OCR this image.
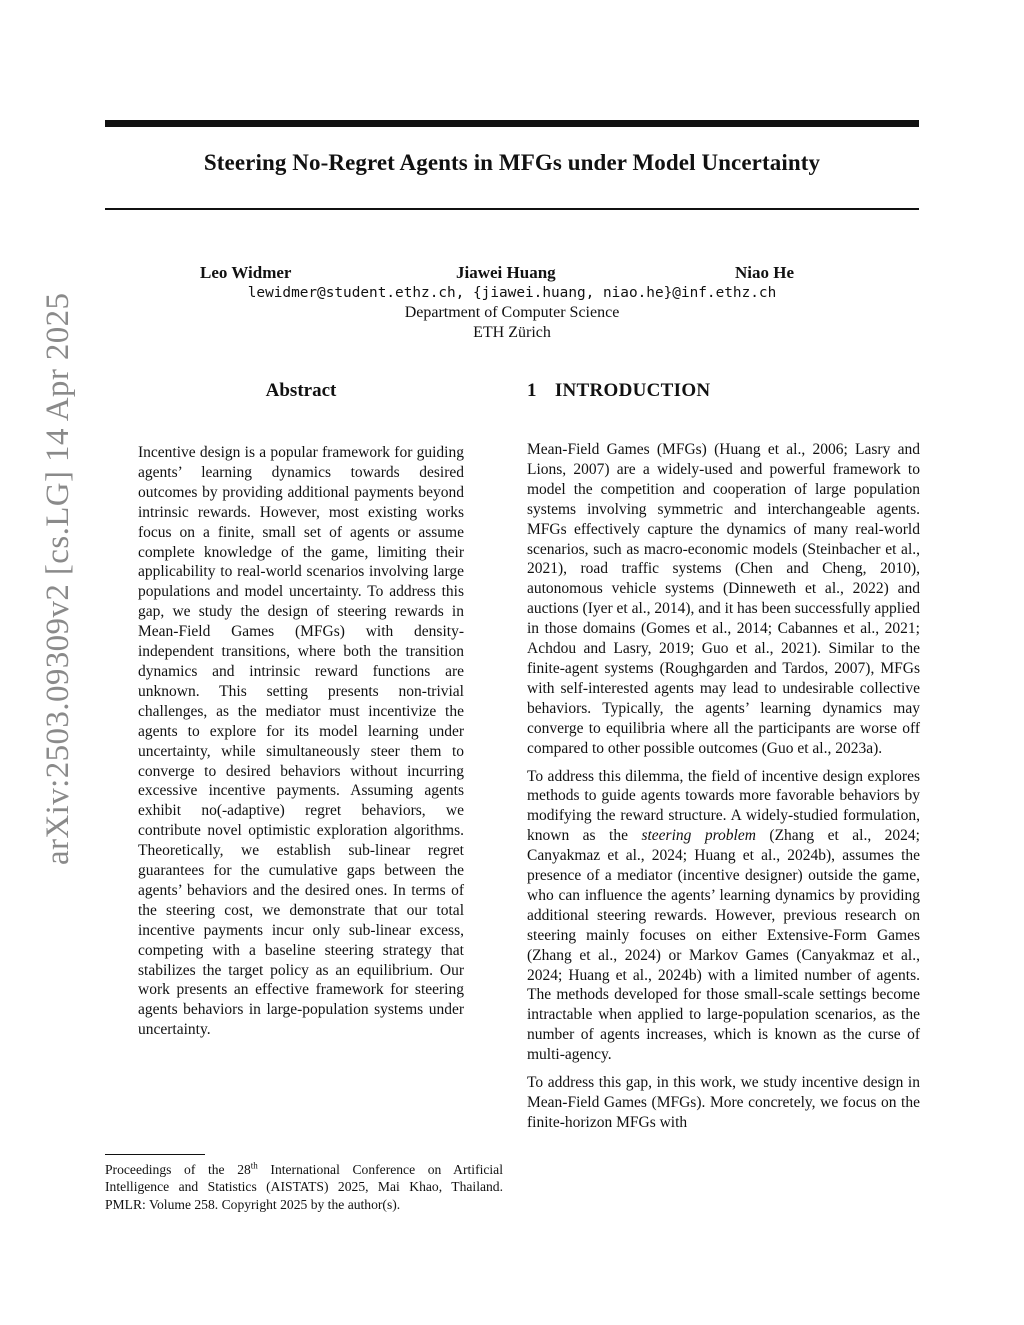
Steering No-Regret Agents in MFGs under Model Uncertainty
arXiv:2503.09309v2 [cs.LG] 14 Apr 2025
Leo Widmer	Jiawei Huang	Niao He
lewidmer@student.ethz.ch, {jiawei.huang, niao.he}@inf.ethz.ch
Department of Computer Science
ETH Zürich
Abstract
Incentive design is a popular framework for guiding agents’ learning dynamics towards desired outcomes by providing additional payments beyond intrinsic rewards. However, most existing works focus on a finite, small set of agents or assume complete knowledge of the game, limiting their applicability to real-world scenarios involving large populations and model uncertainty. To address this gap, we study the design of steering rewards in Mean-Field Games (MFGs) with density-independent transitions, where both the transition dynamics and intrinsic reward functions are unknown. This setting presents non-trivial challenges, as the mediator must incentivize the agents to explore for its model learning under uncertainty, while simultaneously steer them to converge to desired behaviors without incurring excessive incentive payments. Assuming agents exhibit no(-adaptive) regret behaviors, we contribute novel optimistic exploration algorithms. Theoretically, we establish sub-linear regret guarantees for the cumulative gaps between the agents’ behaviors and the desired ones. In terms of the steering cost, we demonstrate that our total incentive payments incur only sub-linear excess, competing with a baseline steering strategy that stabilizes the target policy as an equilibrium. Our work presents an effective framework for steering agents behaviors in large-population systems under uncertainty.
1 INTRODUCTION

Mean-Field Games (MFGs) (Huang et al., 2006; Lasry and Lions, 2007) are a widely-used and powerful framework to model the competition and cooperation of large population systems involving symmetric and interchangeable agents. MFGs effectively capture the dynamics of many real-world scenarios, such as macro-economic models (Steinbacher et al., 2021), road traffic systems (Chen and Cheng, 2010), autonomous vehicle systems (Dinneweth et al., 2022) and auctions (Iyer et al., 2014), and it has been successfully applied in those domains (Gomes et al., 2014; Cabannes et al., 2021; Achdou and Lasry, 2019; Guo et al., 2021). Similar to the finite-agent systems (Roughgarden and Tardos, 2007), MFGs with self-interested agents may lead to undesirable collective behaviors. Typically, the agents’ learning dynamics may converge to equilibria where all the participants are worse off compared to other possible outcomes (Guo et al., 2023a).

To address this dilemma, the field of incentive design explores methods to guide agents towards more favorable behaviors by modifying the reward structure. A widely-studied formulation, known as the steering problem (Zhang et al., 2024; Canyakmaz et al., 2024; Huang et al., 2024b), assumes the presence of a mediator (incentive designer) outside the game, who can influence the agents’ learning dynamics by providing additional steering rewards. However, previous research on steering mainly focuses on either Extensive-Form Games (Zhang et al., 2024) or Markov Games (Canyakmaz et al., 2024; Huang et al., 2024b) with a limited number of agents. The methods developed for those small-scale settings become intractable when applied to large-population scenarios, as the number of agents increases, which is known as the curse of multi-agency.

To address this gap, in this work, we study incentive design in Mean-Field Games (MFGs). More concretely, we focus on the finite-horizon MFGs with

Proceedings of the 28th International Conference on Artificial Intelligence and Statistics (AISTATS) 2025, Mai Khao, Thailand. PMLR: Volume 258. Copyright 2025 by the author(s).
